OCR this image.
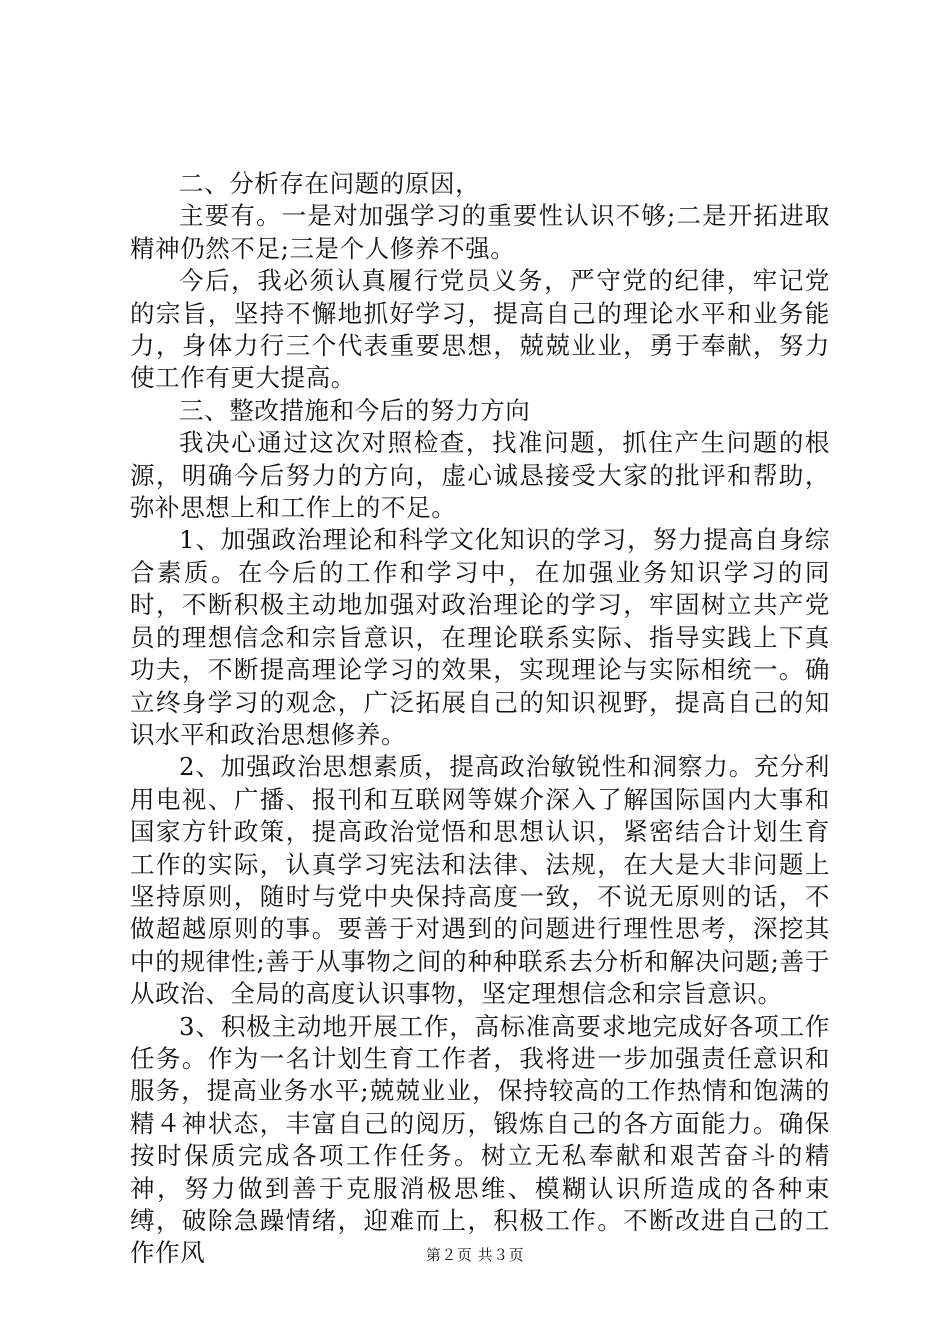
二、分析存在问题的原因，

主要有。一是对加强学习的重要性认识不够;二是开拓进取精神仍然不足;三是个人修养不强。

今后，我必须认真履行党员义务，严守党的纪律，牢记党的宗旨，坚持不懈地抓好学习，提高自己的理论水平和业务能力，身体力行三个代表重要思想，兢兢业业，勇于奉献，努力使工作有更大提高。

三、整改措施和今后的努力方向

我决心通过这次对照检查，找准问题，抓住产生问题的根源，明确今后努力的方向，虚心诚恳接受大家的批评和帮助，弥补思想上和工作上的不足。

1、加强政治理论和科学文化知识的学习，努力提高自身综合素质。在今后的工作和学习中，在加强业务知识学习的同时，不断积极主动地加强对政治理论的学习，牢固树立共产党员的理想信念和宗旨意识，在理论联系实际、指导实践上下真功夫，不断提高理论学习的效果，实现理论与实际相统一。确立终身学习的观念，广泛拓展自己的知识视野，提高自己的知识水平和政治思想修养。

2、加强政治思想素质，提高政治敏锐性和洞察力。充分利用电视、广播、报刊和互联网等媒介深入了解国际国内大事和国家方针政策，提高政治觉悟和思想认识，紧密结合计划生育工作的实际，认真学习宪法和法律、法规，在大是大非问题上坚持原则，随时与党中央保持高度一致，不说无原则的话，不做超越原则的事。要善于对遇到的问题进行理性思考，深挖其中的规律性;善于从事物之间的种种联系去分析和解决问题;善于从政治、全局的高度认识事物，坚定理想信念和宗旨意识。

3、积极主动地开展工作，高标准高要求地完成好各项工作任务。作为一名计划生育工作者，我将进一步加强责任意识和服务，提高业务水平;兢兢业业，保持较高的工作热情和饱满的精４神状态，丰富自己的阅历，锻炼自己的各方面能力。确保按时保质完成各项工作任务。树立无私奉献和艰苦奋斗的精神，努力做到善于克服消极思维、模糊认识所造成的各种束缚，破除急躁情绪，迎难而上，积极工作。不断改进自己的工作作风	第２页 共３页
